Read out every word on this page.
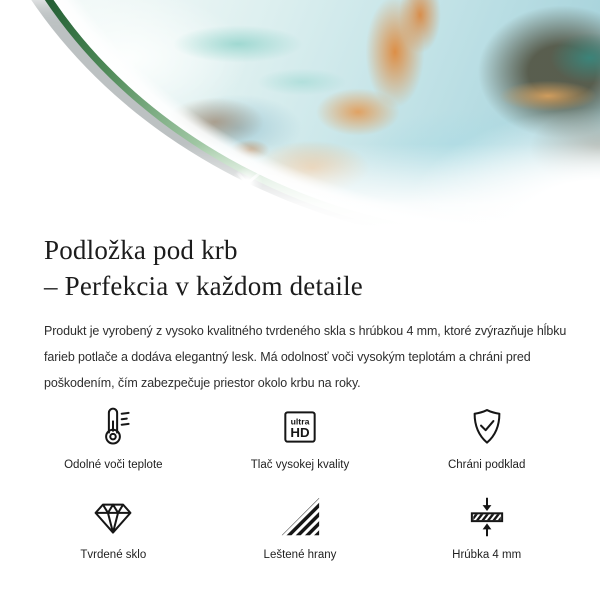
Podložka pod krb
– Perfekcia v každom detaile

Produkt je vyrobený z vysoko kvalitného tvrdeného skla s hrúbkou 4 mm, ktoré zvýrazňuje hĺbku
farieb potlače a dodáva elegantný lesk. Má odolnosť voči vysokým teplotám a chráni pred
poškodením, čím zabezpečuje priestor okolo krbu na roky.

Odolné voči teplote
ultra
HD
Tlač vysokej kvality	Chráni podklad
Tvrdené sklo	Leštené hrany	Hrúbka 4 mm
